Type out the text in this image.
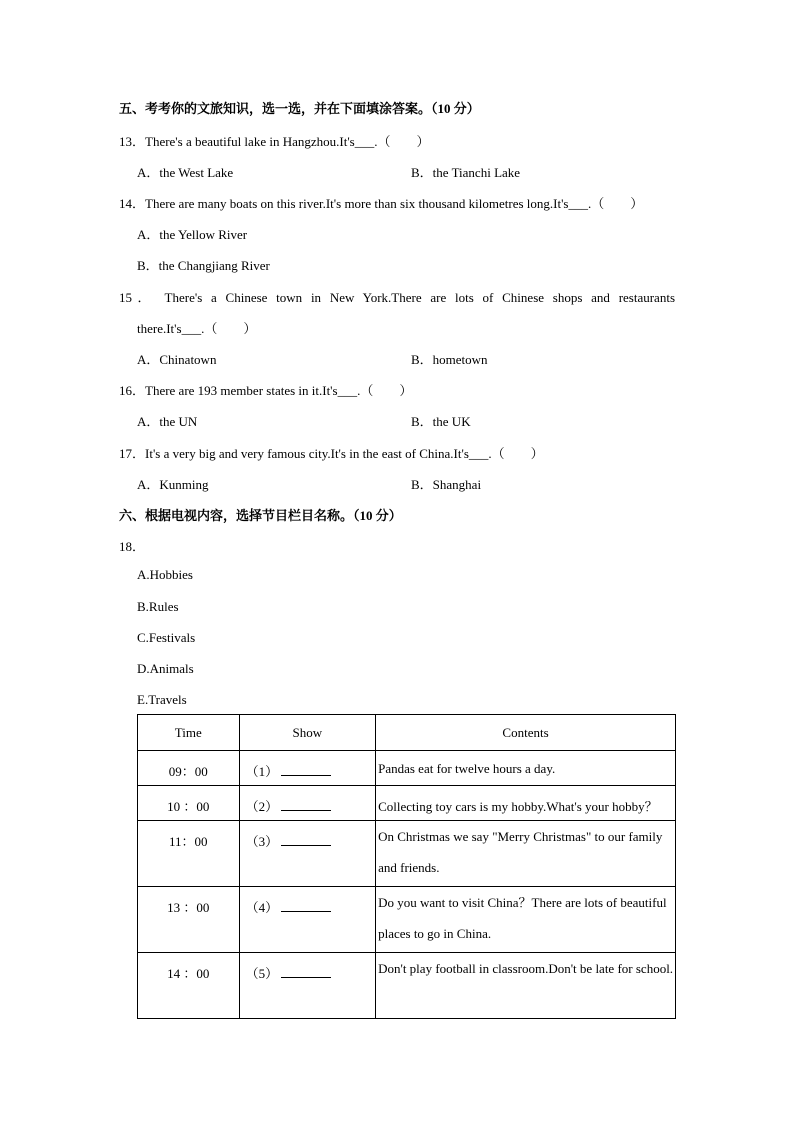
五、考考你的文旅知识，选一选，并在下面填涂答案。（10 分）
13．There's a beautiful lake in Hangzhou.It's___.（　　）
A．the West Lake	B．the Tianchi Lake
14．There are many boats on this river.It's more than six thousand kilometres long.It's___.（　　）
A．the Yellow River
B．the Changjiang River
15． There's a Chinese town in New York.There are lots of Chinese shops and restaurants
there.It's___.（　　）
A．Chinatown	B．hometown
16．There are 193 member states in it.It's___.（　　）
A．the UN	B．the UK
17．It's a very big and very famous city.It's in the east of China.It's___.（　　）
A．Kunming	B．Shanghai
六、根据电视内容，选择节目栏目名称。（10 分）
18．
A.Hobbies
B.Rules
C.Festivals
D.Animals
E.Travels
Time	Show	Contents
09：00	（1）	Pandas eat for twelve hours a day.
10 ：00	（2）	Collecting toy cars is my hobby.What's your hobby？
11：00	（3）	On Christmas we say "Merry Christmas" to our family and friends.
13 ：00	（4）	Do you want to visit China？There are lots of beautiful places to go in China.
14 ：00	（5）	Don't play football in classroom.Don't be late for school.
